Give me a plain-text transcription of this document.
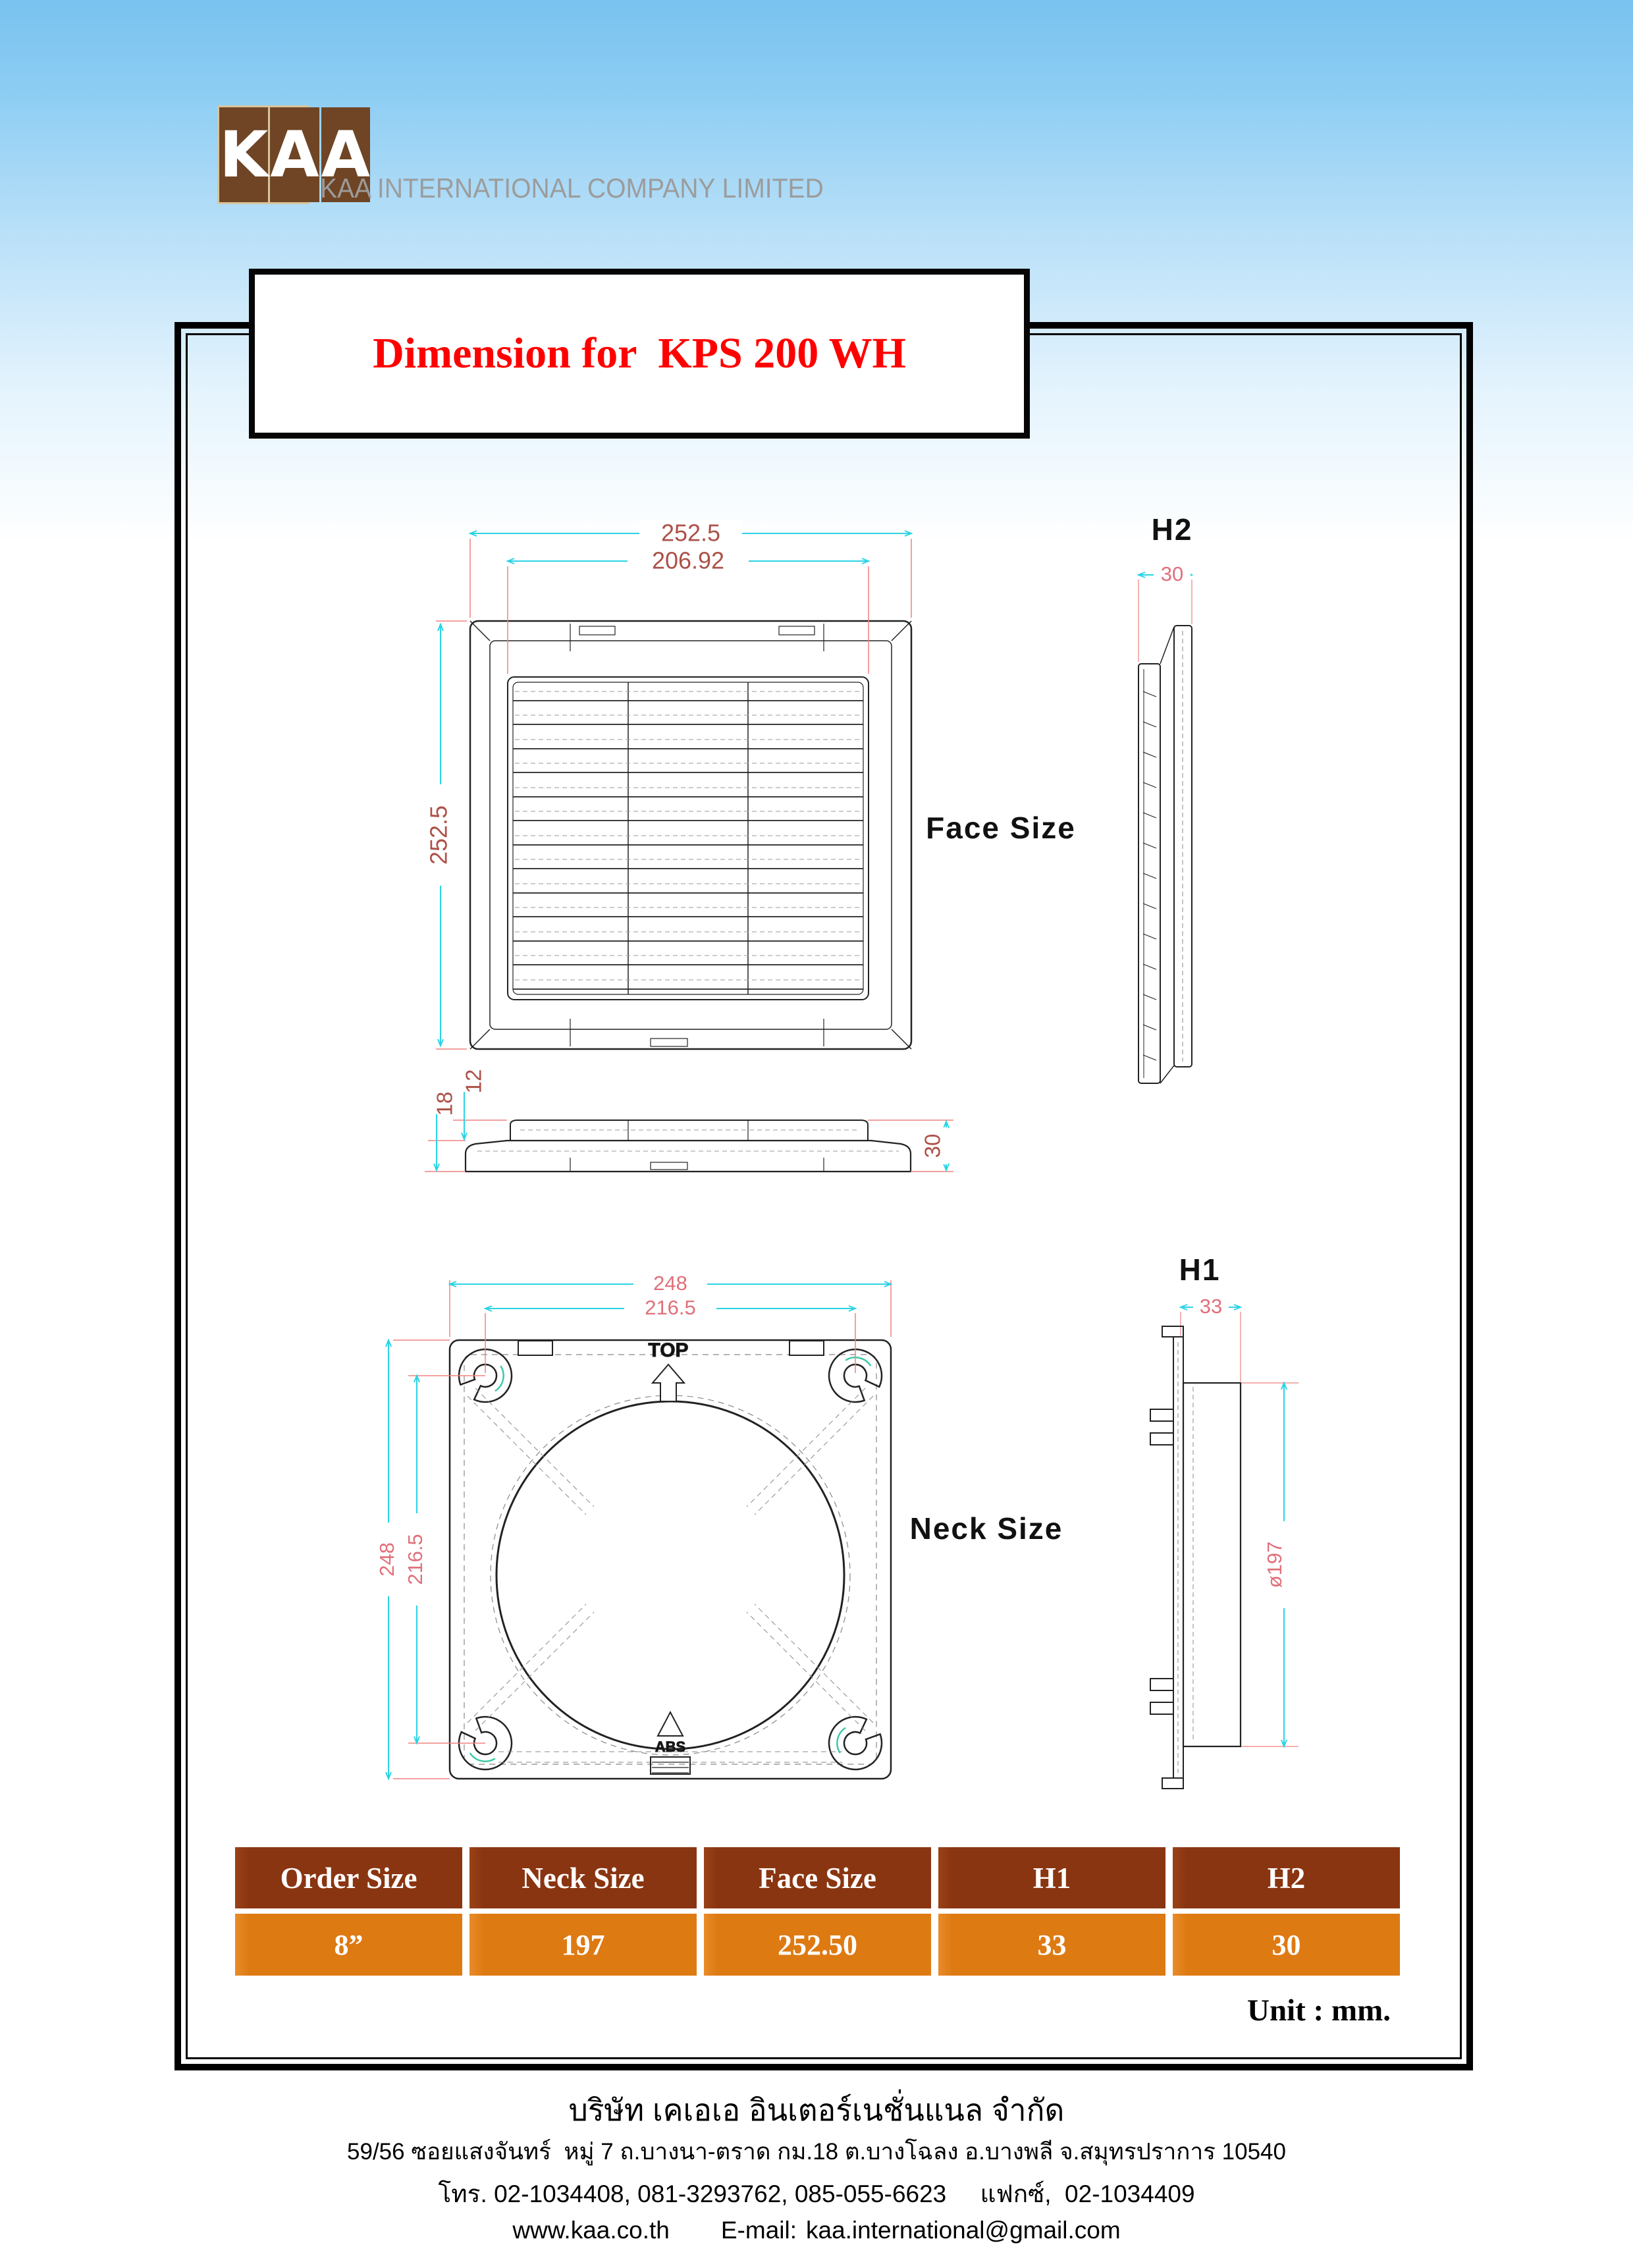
K A A
KAA INTERNATIONAL COMPANY LIMITED
Dimension for  KPS 200 WH
252.5
206.92
252.5	Face Size
12
18
30
H2
30
TOP
ABS
248
216.5
248 216.5
Neck Size
H1
33
ø197
Order Size	Neck Size	Face Size	H1	H2
8”	197	252.50	33	30
Unit : mm.
บริษัท เคเอเอ อินเตอร์เนชั่นแนล จำกัด
59/56 ซอยแสงจันทร์  หมู่ 7 ถ.บางนา-ตราด กม.18 ต.บางโฉลง อ.บางพลี จ.สมุทรปราการ 10540
โทร. 02-1034408, 081-3293762, 085-055-6623     แฟกซ์,  02-1034409
www.kaa.co.th E-mail: kaa.international@gmail.com
